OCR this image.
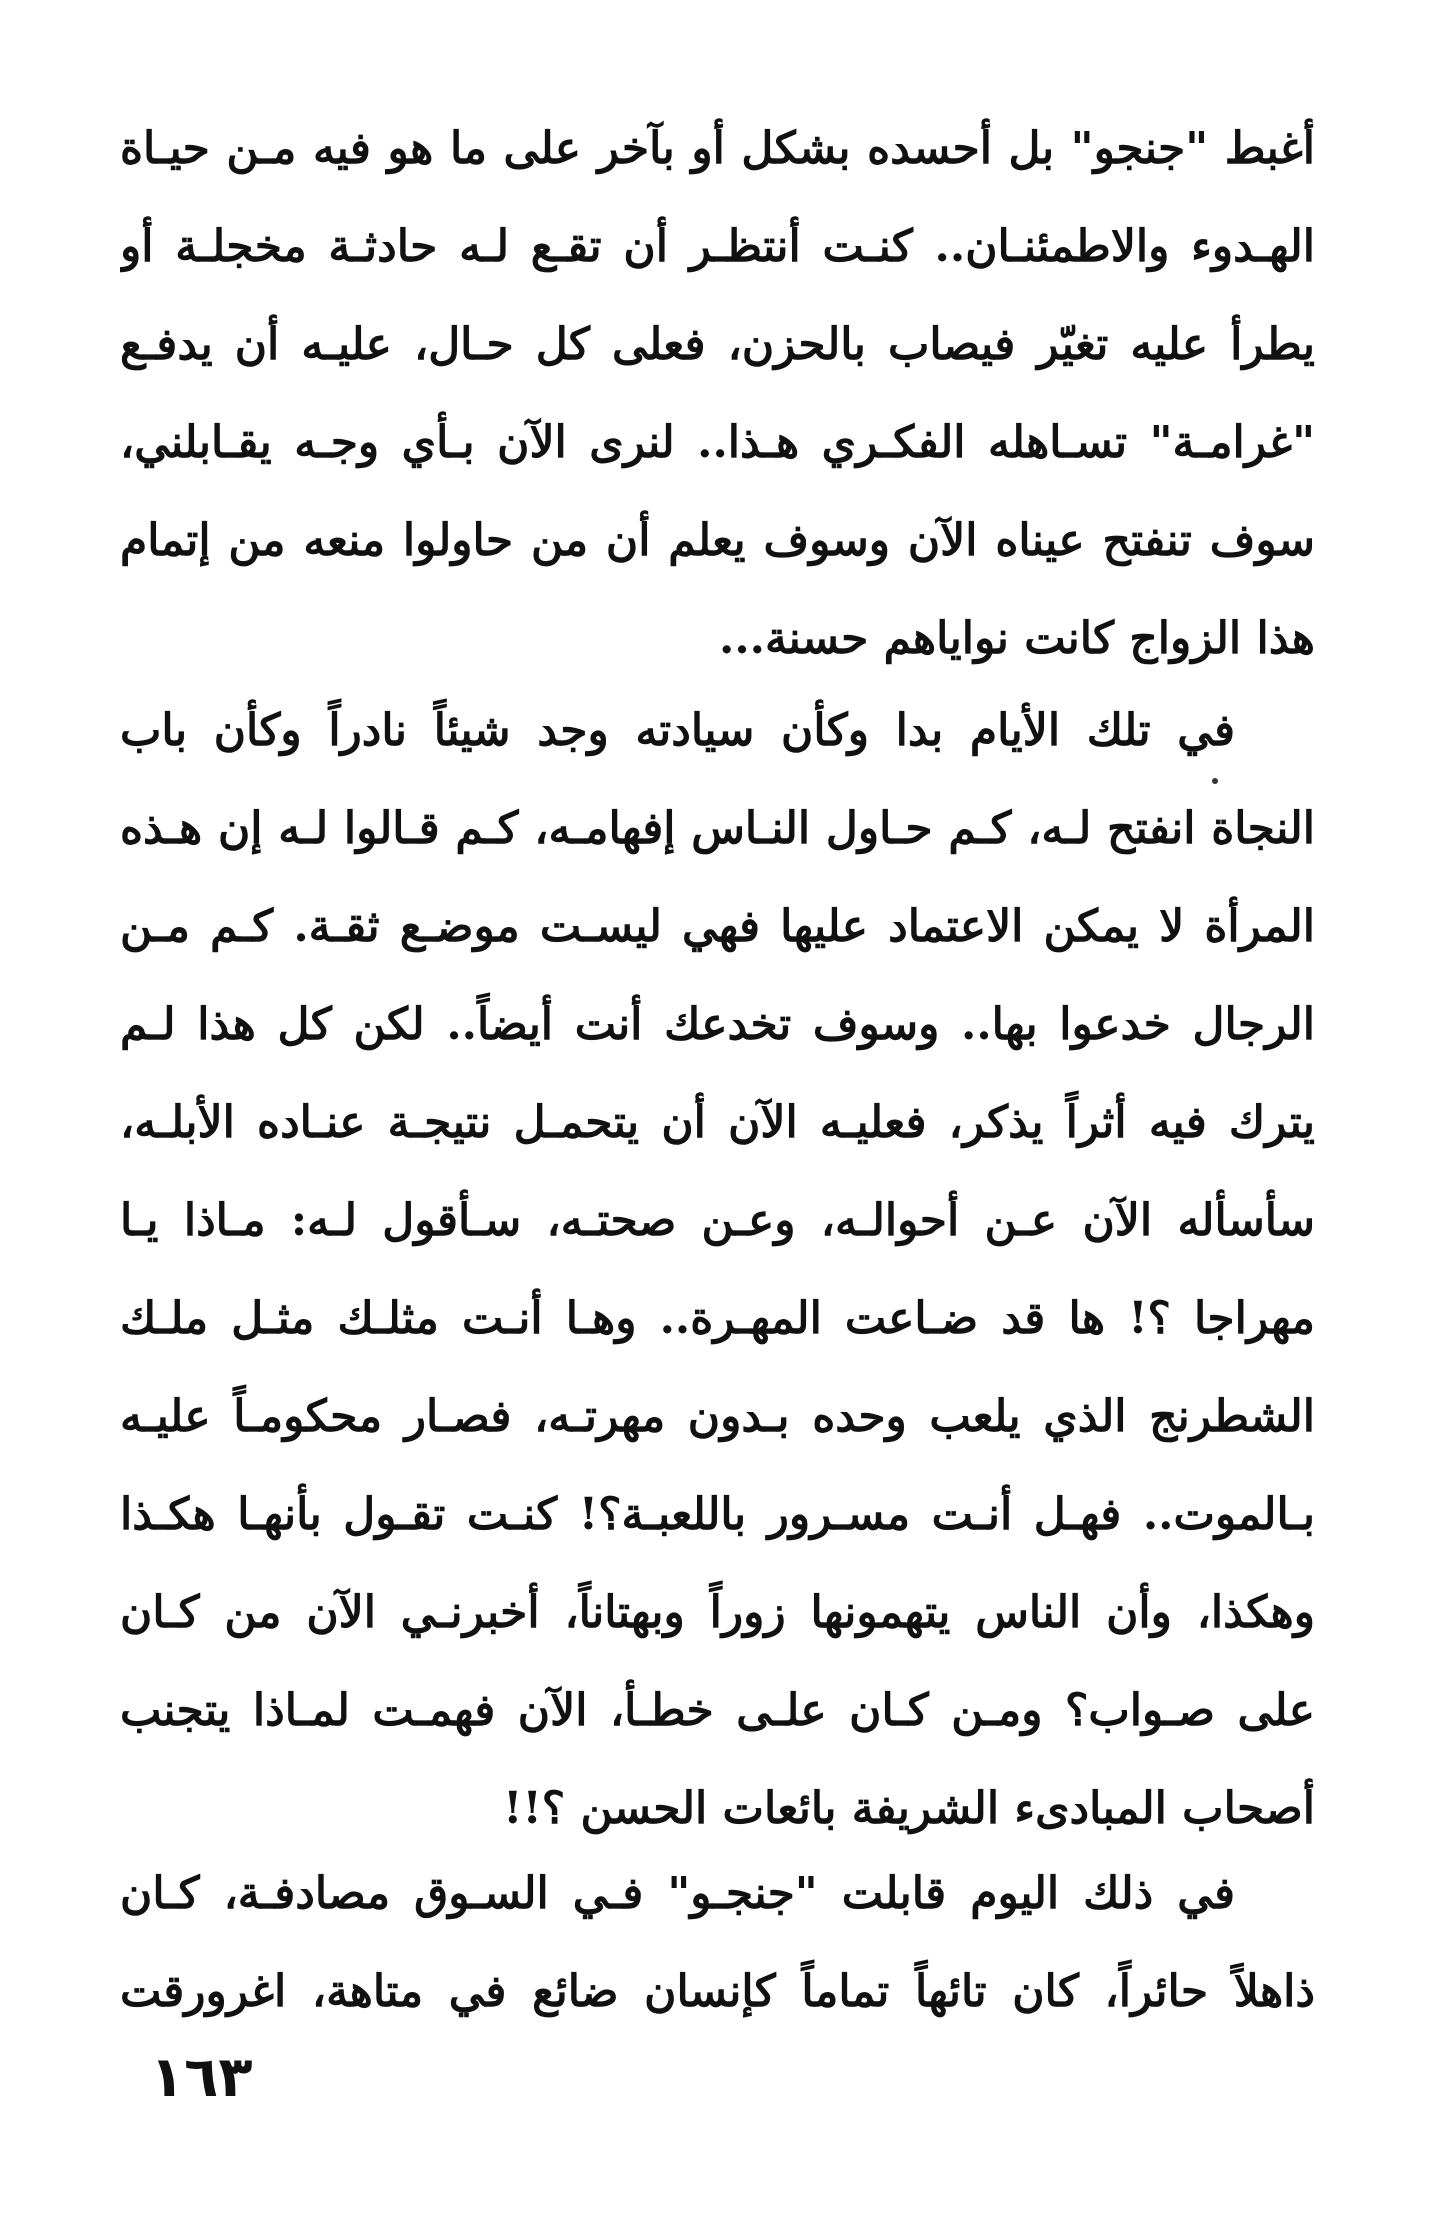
أغبط "جنجو" بل أحسده بشكل أو بآخر على ما هو فيه مـن حيـاة
الهـدوء والاطمئنـان.. كنـت أنتظـر أن تقـع لـه حادثـة مخجلـة أو
يطرأ عليه تغيّر فيصاب بالحزن، فعلى كل حـال، عليـه أن يدفـع
"غرامـة" تسـاهله الفكـري هـذا.. لنرى الآن بـأي وجـه يقـابلني،
سوف تنفتح عيناه الآن وسوف يعلم أن من حاولوا منعه من إتمام
هذا الزواج كانت نواياهم حسنة...
في تلك الأيام بدا وكأن سيادته وجد شيئاً نادراً وكأن باب
النجاة انفتح لـه، كـم حـاول النـاس إفهامـه، كـم قـالوا لـه إن هـذه
المرأة لا يمكن الاعتماد عليها فهي ليسـت موضـع ثقـة. كـم مـن
الرجال خدعوا بها.. وسوف تخدعك أنت أيضاً.. لكن كل هذا لـم
يترك فيه أثراً يذكر، فعليـه الآن أن يتحمـل نتيجـة عنـاده الأبلـه،
سأسأله الآن عـن أحوالـه، وعـن صحتـه، سـأقول لـه: مـاذا يـا
مهراجا ؟! ها قد ضـاعت المهـرة.. وهـا أنـت مثلـك مثـل ملـك
الشطرنج الذي يلعب وحده بـدون مهرتـه، فصـار محكومـاً عليـه
بـالموت.. فهـل أنـت مسـرور باللعبـة؟! كنـت تقـول بأنهـا هكـذا
وهكذا، وأن الناس يتهمونها زوراً وبهتاناً، أخبرنـي الآن من كـان
على صـواب؟ ومـن كـان علـى خطـأ، الآن فهمـت لمـاذا يتجنب
أصحاب المبادىء الشريفة بائعات الحسن ؟!!
في ذلك اليوم قابلت "جنجـو" فـي السـوق مصادفـة، كـان
ذاهلاً حائراً، كان تائهاً تماماً كإنسان ضائع في متاهة، اغرورقت
١٦٣
